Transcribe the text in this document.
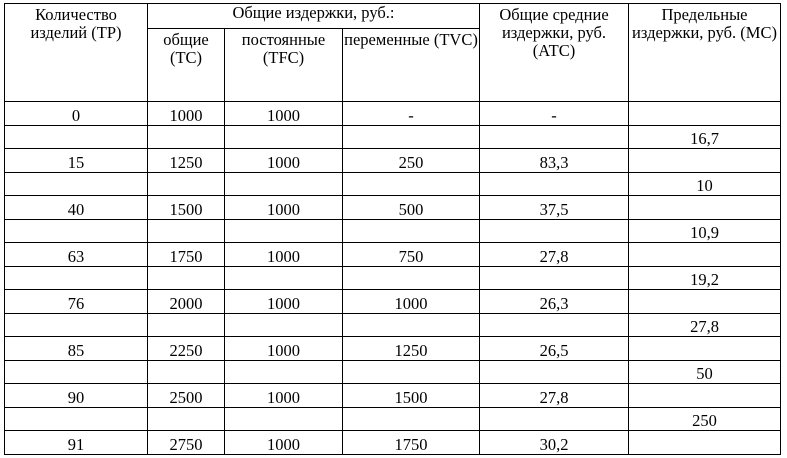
Количество изделий (ТР)	Общие издержки, руб.:			Общие средние издержки, руб. (АТС)	Предельные издержки, руб. (МС)
	общие (ТС)	постоянные (TFC)	переменные (TVC)		
0	1000	1000	-	-	
					16,7
15	1250	1000	250	83,3	
					10
40	1500	1000	500	37,5	
					10,9
63	1750	1000	750	27,8	
					19,2
76	2000	1000	1000	26,3	
					27,8
85	2250	1000	1250	26,5	
					50
90	2500	1000	1500	27,8	
					250
91	2750	1000	1750	30,2	
